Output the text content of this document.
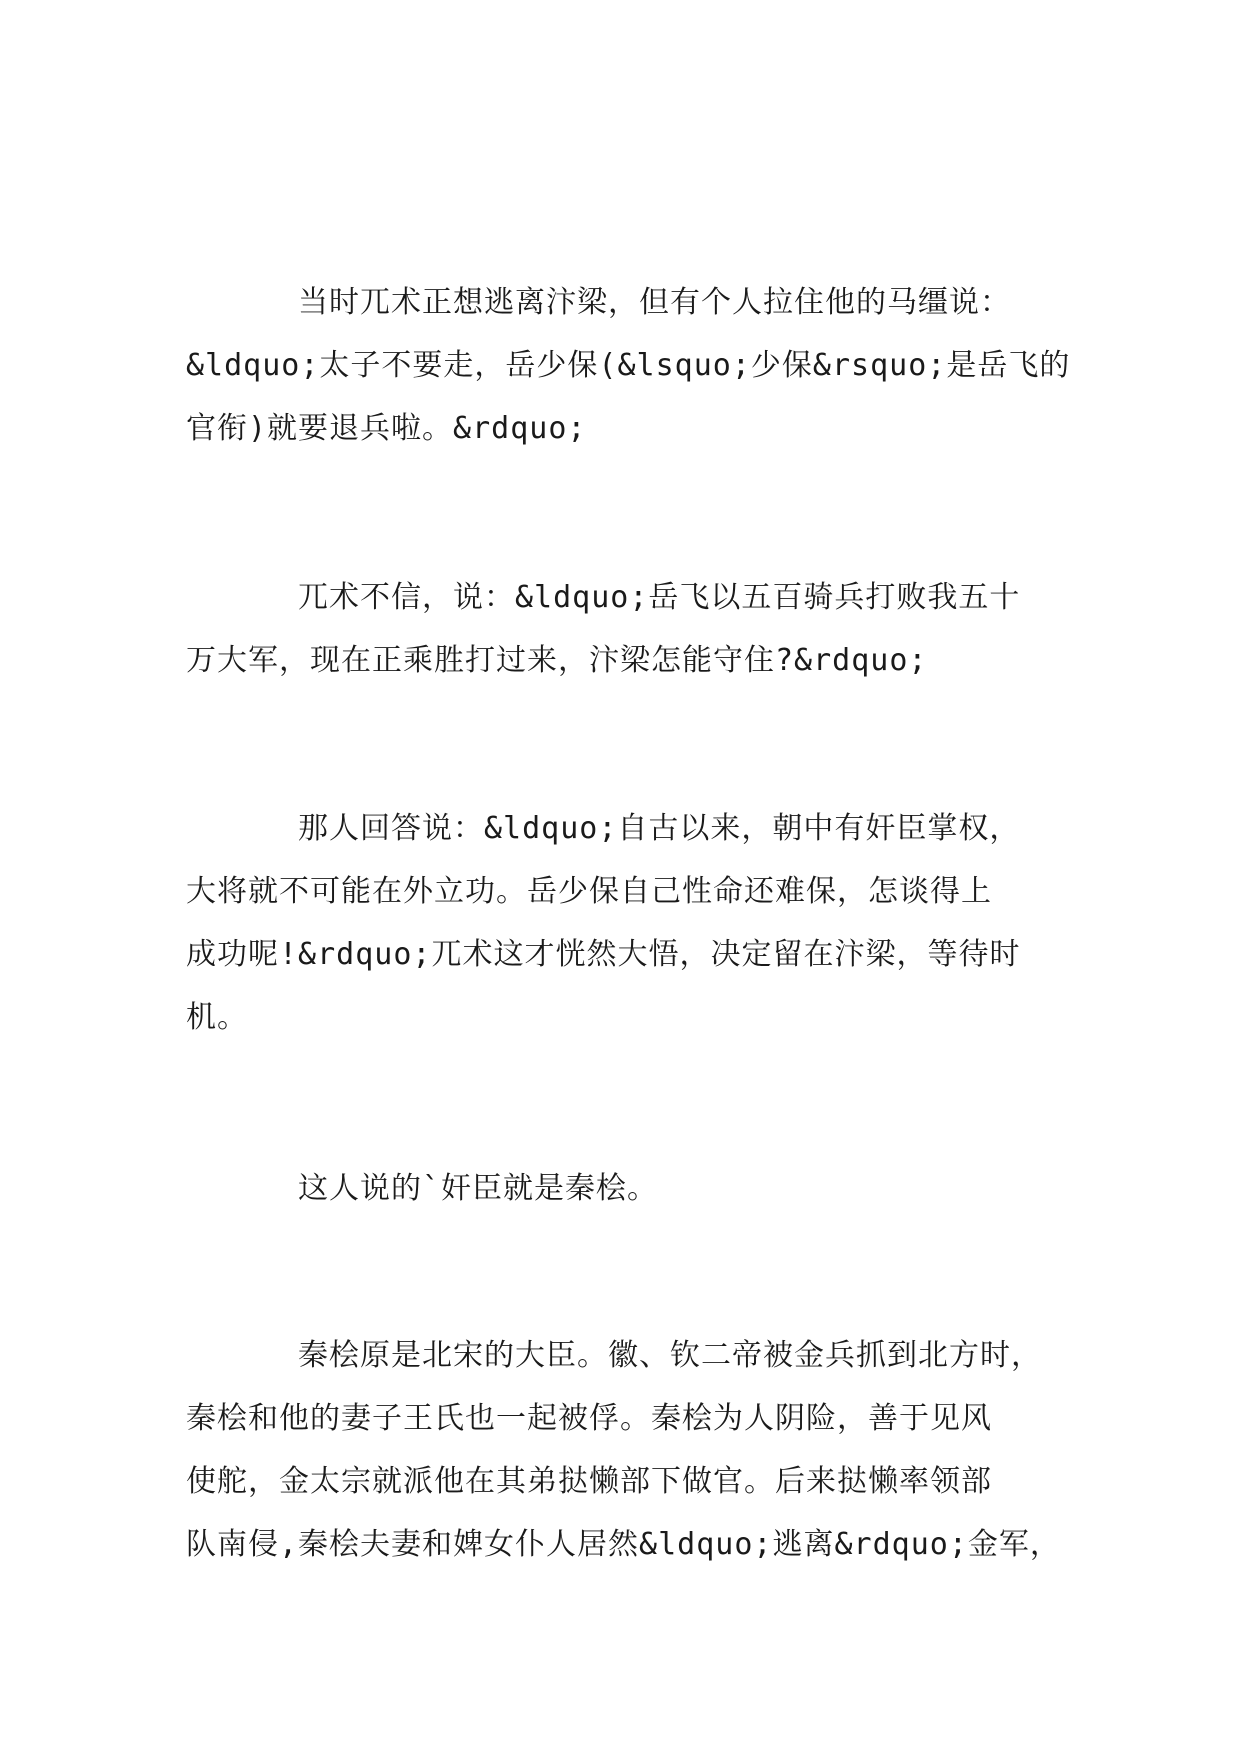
当时兀术正想逃离汴梁，但有个人拉住他的马缰说：
&ldquo;太子不要走，岳少保(&lsquo;少保&rsquo;是岳飞的
官衔)就要退兵啦。&rdquo;

兀术不信，说：&ldquo;岳飞以五百骑兵打败我五十
万大军，现在正乘胜打过来，汴梁怎能守住?&rdquo;

那人回答说：&ldquo;自古以来，朝中有奸臣掌权，
大将就不可能在外立功。岳少保自己性命还难保，怎谈得上
成功呢!&rdquo;兀术这才恍然大悟，决定留在汴梁，等待时
机。

这人说的`奸臣就是秦桧。

秦桧原是北宋的大臣。徽、钦二帝被金兵抓到北方时，
秦桧和他的妻子王氏也一起被俘。秦桧为人阴险，善于见风
使舵，金太宗就派他在其弟挞懒部下做官。后来挞懒率领部
队南侵,秦桧夫妻和婢女仆人居然&ldquo;逃离&rdquo;金军，
